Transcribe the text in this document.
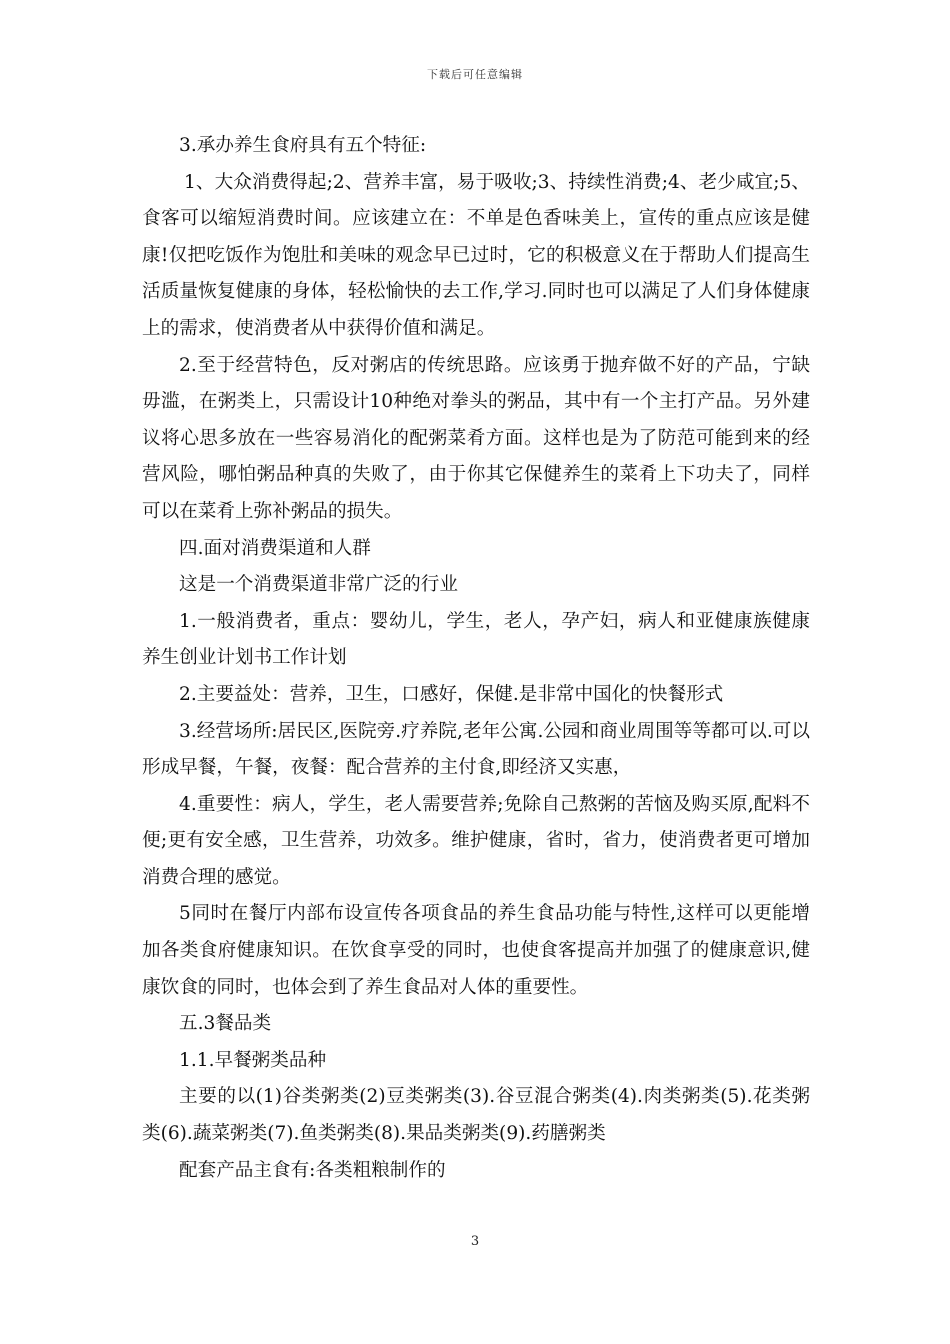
下载后可任意编辑

3.承办养生食府具有五个特征:

1、大众消费得起;2、营养丰富，易于吸收;3、持续性消费;4、老少咸宜;5、食客可以缩短消费时间。应该建立在：不单是色香味美上，宣传的重点应该是健康!仅把吃饭作为饱肚和美味的观念早已过时，它的积极意义在于帮助人们提高生活质量恢复健康的身体，轻松愉快的去工作,学习.同时也可以满足了人们身体健康上的需求，使消费者从中获得价值和满足。

2.至于经营特色，反对粥店的传统思路。应该勇于抛弃做不好的产品，宁缺毋滥，在粥类上，只需设计10种绝对拳头的粥品，其中有一个主打产品。另外建议将心思多放在一些容易消化的配粥菜肴方面。这样也是为了防范可能到来的经营风险，哪怕粥品种真的失败了，由于你其它保健养生的菜肴上下功夫了，同样可以在菜肴上弥补粥品的损失。

四.面对消费渠道和人群

这是一个消费渠道非常广泛的行业

1.一般消费者，重点：婴幼儿，学生，老人，孕产妇，病人和亚健康族健康养生创业计划书工作计划

2.主要益处：营养，卫生，口感好，保健.是非常中国化的快餐形式

3.经营场所:居民区,医院旁.疗养院,老年公寓.公园和商业周围等等都可以.可以形成早餐，午餐，夜餐：配合营养的主付食,即经济又实惠，

4.重要性：病人，学生，老人需要营养;免除自己熬粥的苦恼及购买原,配料不便;更有安全感，卫生营养，功效多。维护健康，省时，省力，使消费者更可增加消费合理的感觉。

5同时在餐厅内部布设宣传各项食品的养生食品功能与特性,这样可以更能增加各类食府健康知识。在饮食享受的同时，也使食客提高并加强了的健康意识,健康饮食的同时，也体会到了养生食品对人体的重要性。

五.3餐品类

1.1.早餐粥类品种

主要的以(1)谷类粥类(2)豆类粥类(3).谷豆混合粥类(4).肉类粥类(5).花类粥类(6).蔬菜粥类(7).鱼类粥类(8).果品类粥类(9).药膳粥类

配套产品主食有:各类粗粮制作的

3
